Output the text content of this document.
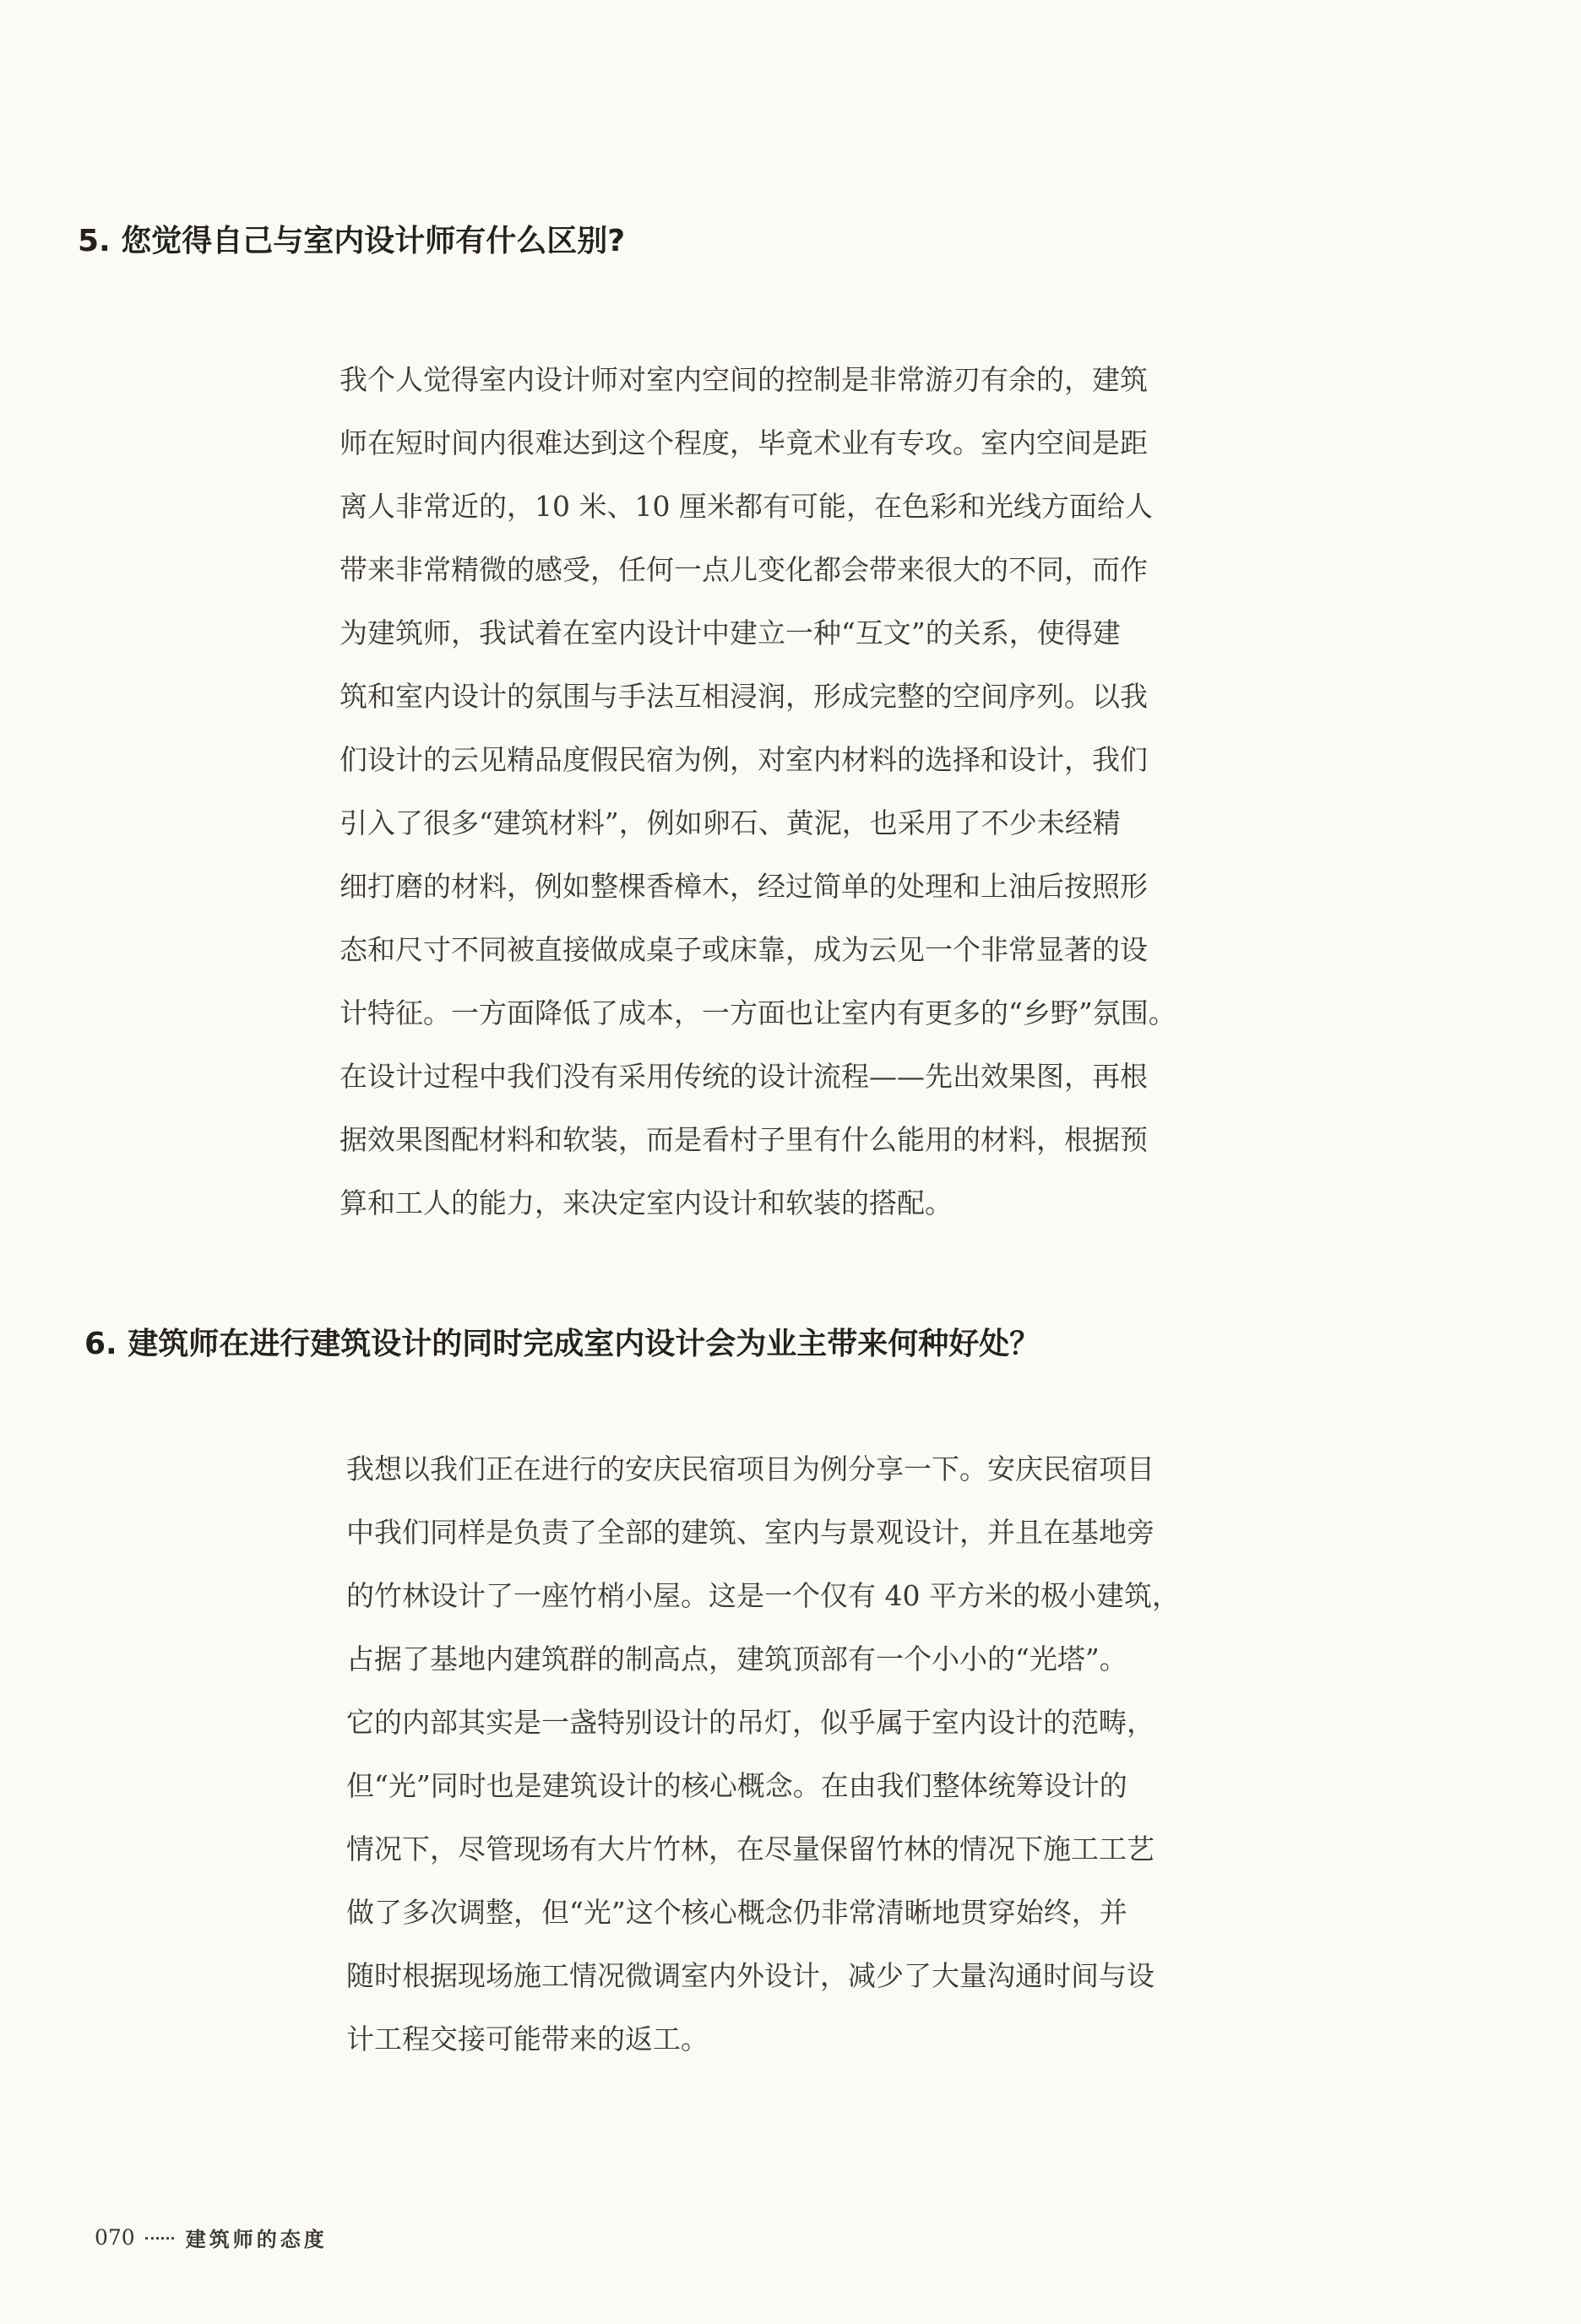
5. 您觉得自己与室内设计师有什么区别?
我个人觉得室内设计师对室内空间的控制是非常游刃有余的，建筑
师在短时间内很难达到这个程度，毕竟术业有专攻。室内空间是距
离人非常近的，10 米、10 厘米都有可能，在色彩和光线方面给人
带来非常精微的感受，任何一点儿变化都会带来很大的不同，而作
为建筑师，我试着在室内设计中建立一种“互文”的关系，使得建
筑和室内设计的氛围与手法互相浸润，形成完整的空间序列。以我
们设计的云见精品度假民宿为例，对室内材料的选择和设计，我们
引入了很多“建筑材料”，例如卵石、黄泥，也采用了不少未经精
细打磨的材料，例如整棵香樟木，经过简单的处理和上油后按照形
态和尺寸不同被直接做成桌子或床靠，成为云见一个非常显著的设
计特征。一方面降低了成本，一方面也让室内有更多的“乡野”氛围。
在设计过程中我们没有采用传统的设计流程——先出效果图，再根
据效果图配材料和软装，而是看村子里有什么能用的材料，根据预
算和工人的能力，来决定室内设计和软装的搭配。
6. 建筑师在进行建筑设计的同时完成室内设计会为业主带来何种好处？
我想以我们正在进行的安庆民宿项目为例分享一下。安庆民宿项目
中我们同样是负责了全部的建筑、室内与景观设计，并且在基地旁
的竹林设计了一座竹梢小屋。这是一个仅有 40 平方米的极小建筑，
占据了基地内建筑群的制高点，建筑顶部有一个小小的“光塔”。
它的内部其实是一盏特别设计的吊灯，似乎属于室内设计的范畴，
但“光”同时也是建筑设计的核心概念。在由我们整体统筹设计的
情况下，尽管现场有大片竹林，在尽量保留竹林的情况下施工工艺
做了多次调整，但“光”这个核心概念仍非常清晰地贯穿始终，并
随时根据现场施工情况微调室内外设计，减少了大量沟通时间与设
计工程交接可能带来的返工。
070	建筑师的态度
